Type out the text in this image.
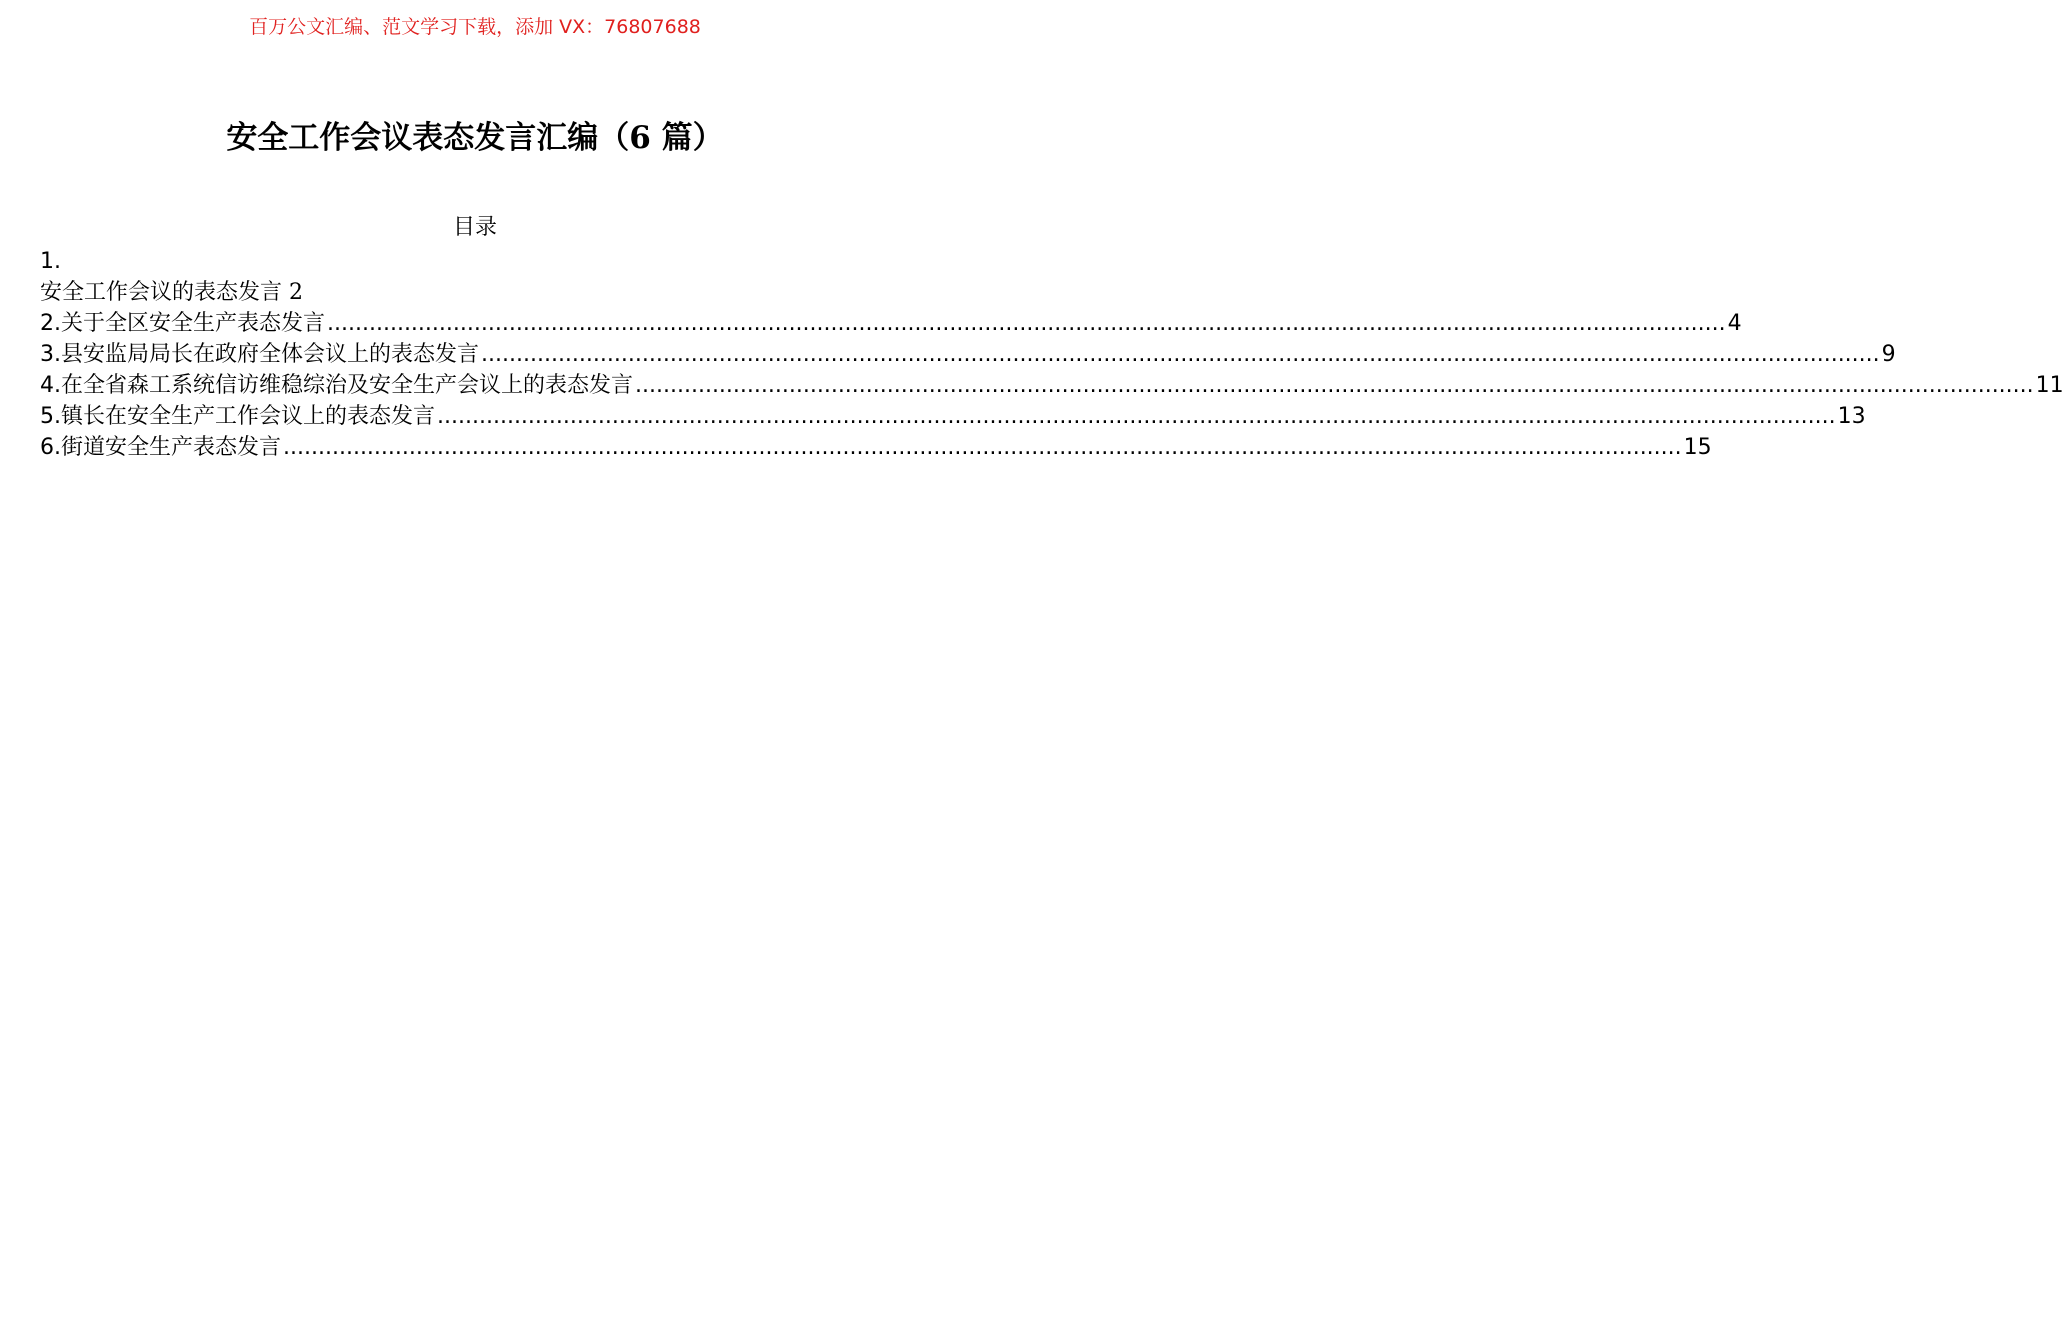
百万公文汇编、范文学习下载，添加 VX：76807688
安全工作会议表态发言汇编（6 篇）
目录
1.
安全工作会议的表态发言 2
2. 关于全区安全生产表态发言 ........................................................................................................................................................................................................ 4
3. 县安监局局长在政府全体会议上的表态发言 ........................................................................................................................................................................................................ 9
4. 在全省森工系统信访维稳综治及安全生产会议上的表态发言 ........................................................................................................................................................................................................ 11
5. 镇长在安全生产工作会议上的表态发言 ........................................................................................................................................................................................................ 13
6. 街道安全生产表态发言 ........................................................................................................................................................................................................ 15
